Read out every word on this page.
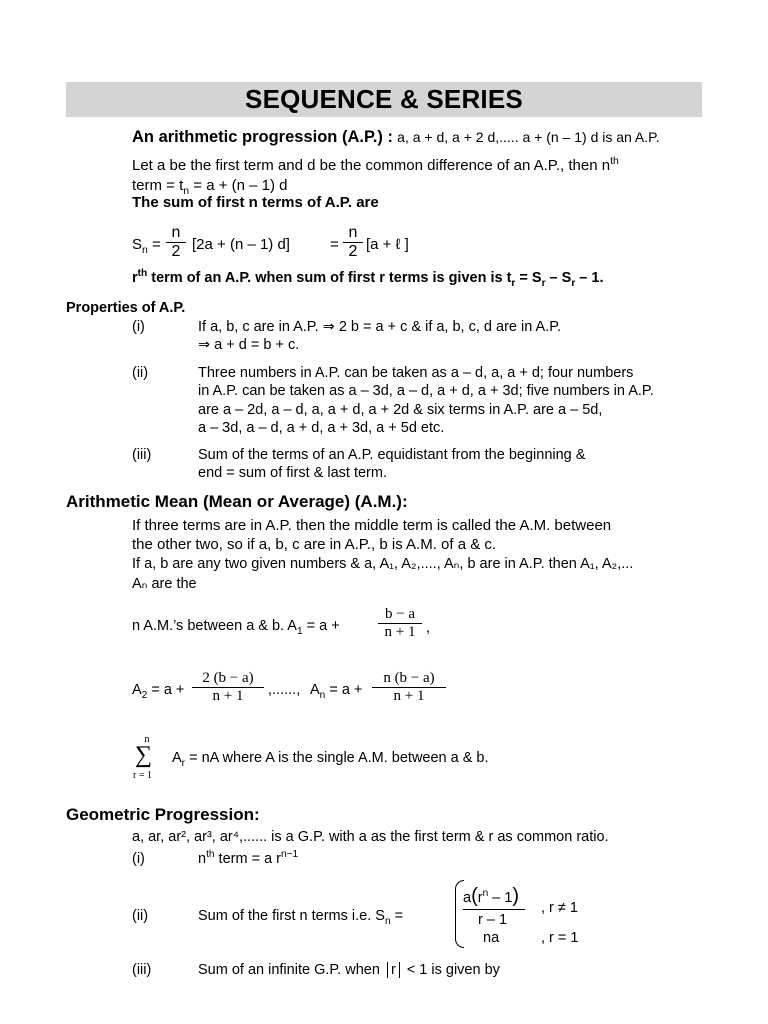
SEQUENCE & SERIES
An arithmetic progression (A.P.) : a, a + d, a + 2 d,..... a + (n – 1) d is an A.P.
Let a be the first term and d be the common difference of an A.P., then $n^{th}$
term = $t_n = a + (n - 1)$ d
The sum of first n terms of A.P. are
$S_n = \frac{n}{2} [2a + (n - 1)$ d]	= $\frac{n}{2} [a$ + ℓ ]
$r^{th}$ term of an A.P. when sum of first r terms is given is $t_r = S_r - S_r - 1$.
Properties of A.P.
(i)	If a, b, c are in A.P. ⇒ 2 b = a + c & if a, b, c, d are in A.P.
⇒ a + d = b + c.
(ii)	Three numbers in A.P. can be taken as a – d, a, a + d; four numbers
in A.P. can be taken as a – 3d, a – d, a + d, a + 3d; five numbers in A.P.
are a – 2d, a – d, a, a + d, a + 2d & six terms in A.P. are a – 5d,
a – 3d, a – d, a + d, a + 3d, a + 5d etc.
(iii)	Sum of the terms of an A.P. equidistant from the beginning &
end = sum of first & last term.
Arithmetic Mean (Mean or Average) (A.M.):
If three terms are in A.P. then the middle term is called the A.M. between
the other two, so if a, b, c are in A.P., b is A.M. of a & c.
If a, b are any two given numbers & a, A₁, A₂,...., Aₙ, b are in A.P. then A₁, A₂,...
Aₙ are the
n A.M.’s between a & b. $A_1 = a$ +	$\frac{b - a}{n + 1}$ ,
$A_2 = a + \frac{2 (b - a)}{n + 1}$ ,......, $A_n = a + \frac{n (b - a)}{n + 1}$
n
∑
r = 1
$A_r$ = nA where A is the single A.M. between a & b.
Geometric Progression:
a, ar, ar², ar³, ar⁴,...... is a G.P. with a as the first term & r as common ratio.
(i)	$n^{th}$ term = a $r^{n-1}$
(ii)	Sum of the first n terms i.e. $S_n$ =
$a(r^n - 1)$
r – 1
, r ≠ 1
na	, r = 1
(iii)	Sum of an infinite G.P. when r < 1 is given by
